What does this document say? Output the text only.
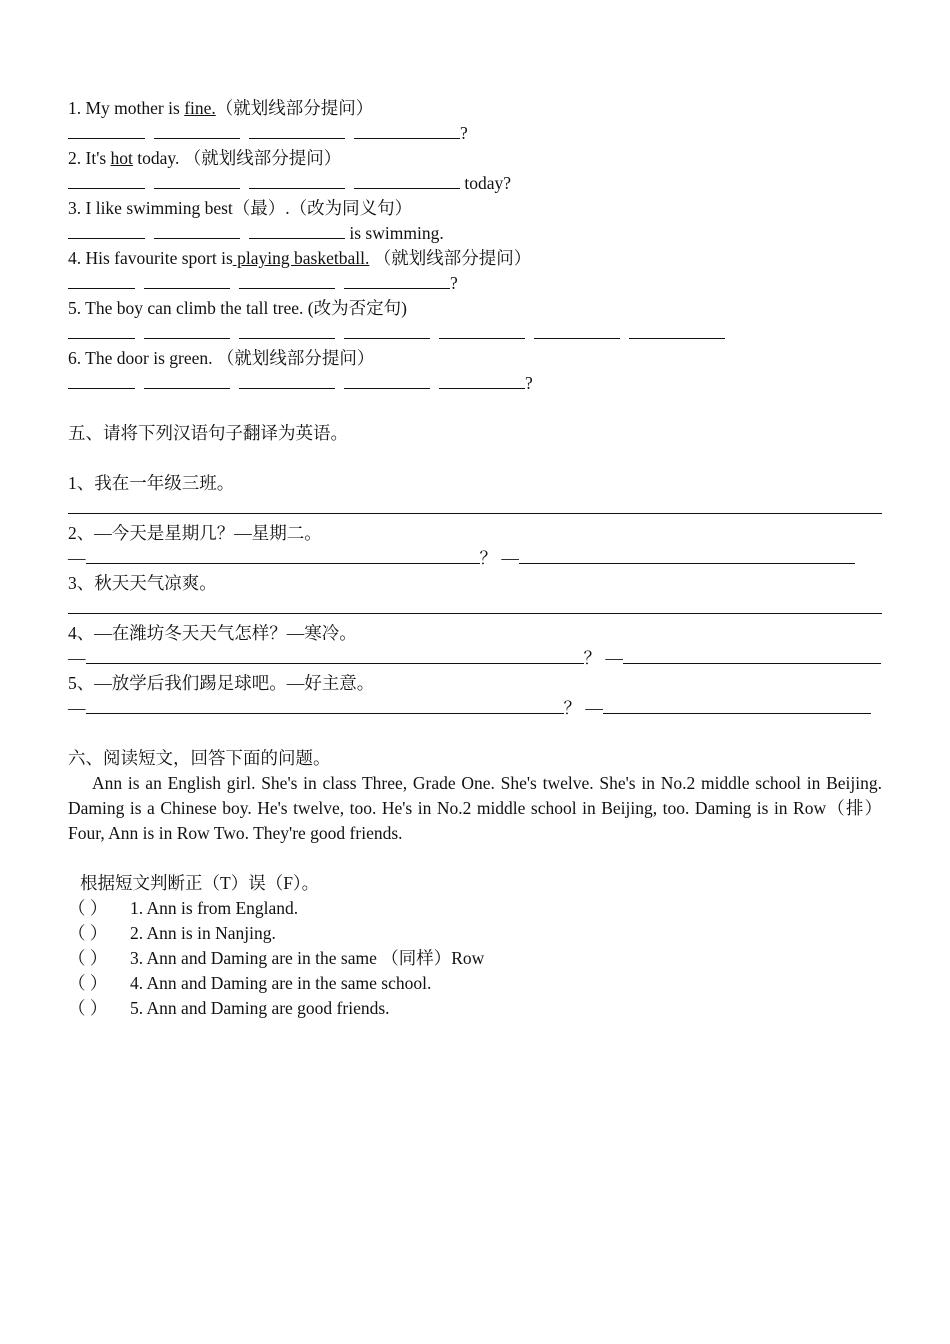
1. My mother is fine.（就划线部分提问）
?
2. It's hot today. （就划线部分提问）
today?
3. I like swimming best（最）.（改为同义句）
is swimming.
4. His favourite sport is playing basketball. （就划线部分提问）
?
5. The boy can climb the tall tree. (改为否定句)
6. The door is green. （就划线部分提问）
?
五、请将下列汉语句子翻译为英语。
1、我在一年级三班。
2、—今天是星期几？—星期二。
—	？ —
3、秋天天气凉爽。
4、—在潍坊冬天天气怎样？—寒冷。
—	？ —
5、—放学后我们踢足球吧。—好主意。
—	？ —
六、阅读短文，回答下面的问题。

Ann is an English girl. She's in class Three, Grade One. She's twelve. She's in No.2 middle school in Beijing. Daming is a Chinese boy. He's twelve, too. He's in No.2 middle school in Beijing, too. Daming is in Row（排） Four, Ann is in Row Two. They're good friends.

根据短文判断正（T）误（F）。
（ ） 1. Ann is from England.
（ ） 2. Ann is in Nanjing.
（ ） 3. Ann and Daming are in the same （同样）Row
（ ） 4. Ann and Daming are in the same school.
（ ） 5. Ann and Daming are good friends.
